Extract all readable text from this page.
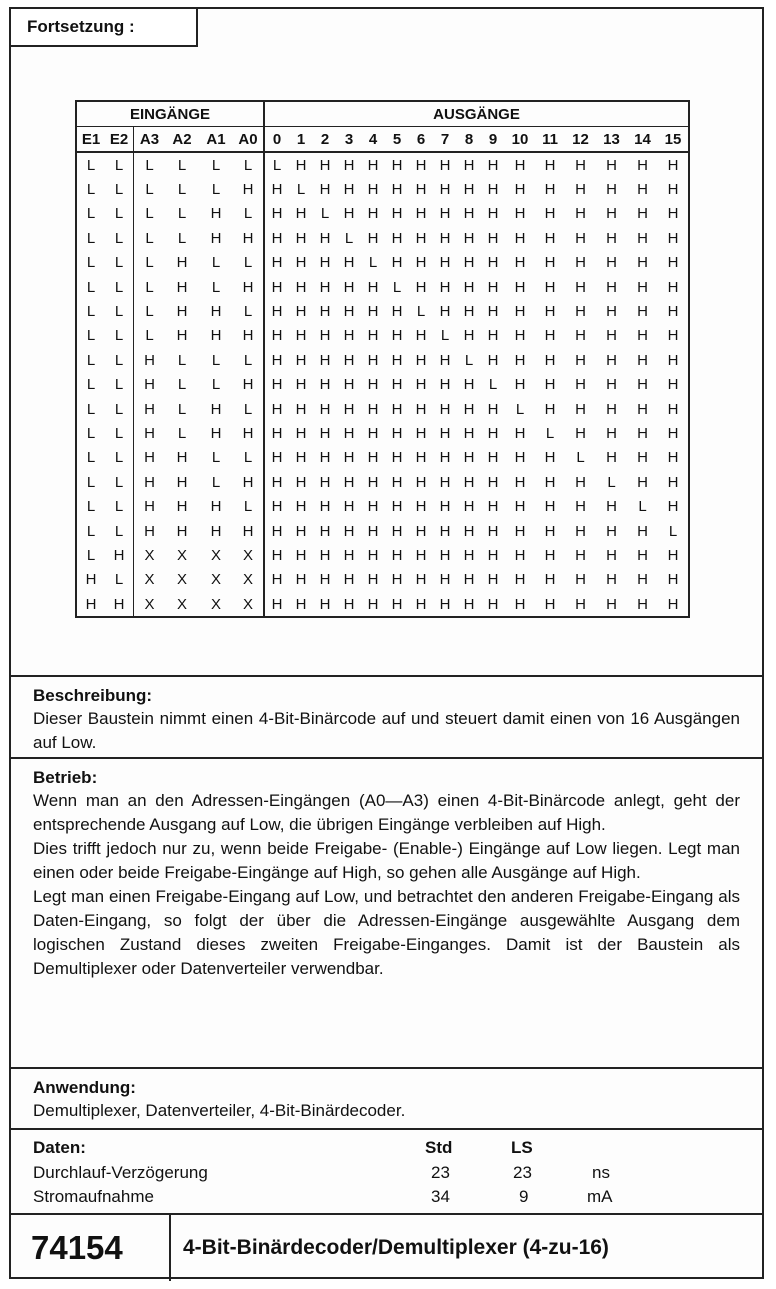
Fortsetzung :
EINGÄNGE						AUSGÄNGE															
E1	E2	A3	A2	A1	A0	0	1	2	3	4	5	6	7	8	9	10	11	12	13	14	15
L	L	L	L	L	L	L	H	H	H	H	H	H	H	H	H	H	H	H	H	H	H
L	L	L	L	L	H	H	L	H	H	H	H	H	H	H	H	H	H	H	H	H	H
L	L	L	L	H	L	H	H	L	H	H	H	H	H	H	H	H	H	H	H	H	H
L	L	L	L	H	H	H	H	H	L	H	H	H	H	H	H	H	H	H	H	H	H
L	L	L	H	L	L	H	H	H	H	L	H	H	H	H	H	H	H	H	H	H	H
L	L	L	H	L	H	H	H	H	H	H	L	H	H	H	H	H	H	H	H	H	H
L	L	L	H	H	L	H	H	H	H	H	H	L	H	H	H	H	H	H	H	H	H
L	L	L	H	H	H	H	H	H	H	H	H	H	L	H	H	H	H	H	H	H	H
L	L	H	L	L	L	H	H	H	H	H	H	H	H	L	H	H	H	H	H	H	H
L	L	H	L	L	H	H	H	H	H	H	H	H	H	H	L	H	H	H	H	H	H
L	L	H	L	H	L	H	H	H	H	H	H	H	H	H	H	L	H	H	H	H	H
L	L	H	L	H	H	H	H	H	H	H	H	H	H	H	H	H	L	H	H	H	H
L	L	H	H	L	L	H	H	H	H	H	H	H	H	H	H	H	H	L	H	H	H
L	L	H	H	L	H	H	H	H	H	H	H	H	H	H	H	H	H	H	L	H	H
L	L	H	H	H	L	H	H	H	H	H	H	H	H	H	H	H	H	H	H	L	H
L	L	H	H	H	H	H	H	H	H	H	H	H	H	H	H	H	H	H	H	H	L
L	H	X	X	X	X	H	H	H	H	H	H	H	H	H	H	H	H	H	H	H	H
H	L	X	X	X	X	H	H	H	H	H	H	H	H	H	H	H	H	H	H	H	H
H	H	X	X	X	X	H	H	H	H	H	H	H	H	H	H	H	H	H	H	H	H
Beschreibung:

Dieser Baustein nimmt einen 4-Bit-Binärcode auf und steuert damit einen von 16 Ausgängen auf Low.

Betrieb:

Wenn man an den Adressen-Eingängen (A0—A3) einen 4-Bit-Binärcode anlegt, geht der entsprechende Ausgang auf Low, die übrigen Eingänge verbleiben auf High.

Dies trifft jedoch nur zu, wenn beide Freigabe- (Enable-) Eingänge auf Low liegen. Legt man einen oder beide Freigabe-Eingänge auf High, so gehen alle Ausgänge auf High.

Legt man einen Freigabe-Eingang auf Low, und betrachtet den anderen Freigabe-Eingang als Daten-Eingang, so folgt der über die Adressen-Eingänge ausgewählte Ausgang dem logischen Zustand dieses zweiten Freigabe-Einganges. Damit ist der Baustein als Demultiplexer oder Datenverteiler verwendbar.

Anwendung:

Demultiplexer, Datenverteiler, 4-Bit-Binärdecoder.

Daten:	Std	LS
Durchlauf-Verzögerung	23	23	ns
Stromaufnahme	34	9	mA
74154	4-Bit-Binärdecoder/Demultiplexer (4-zu-16)
